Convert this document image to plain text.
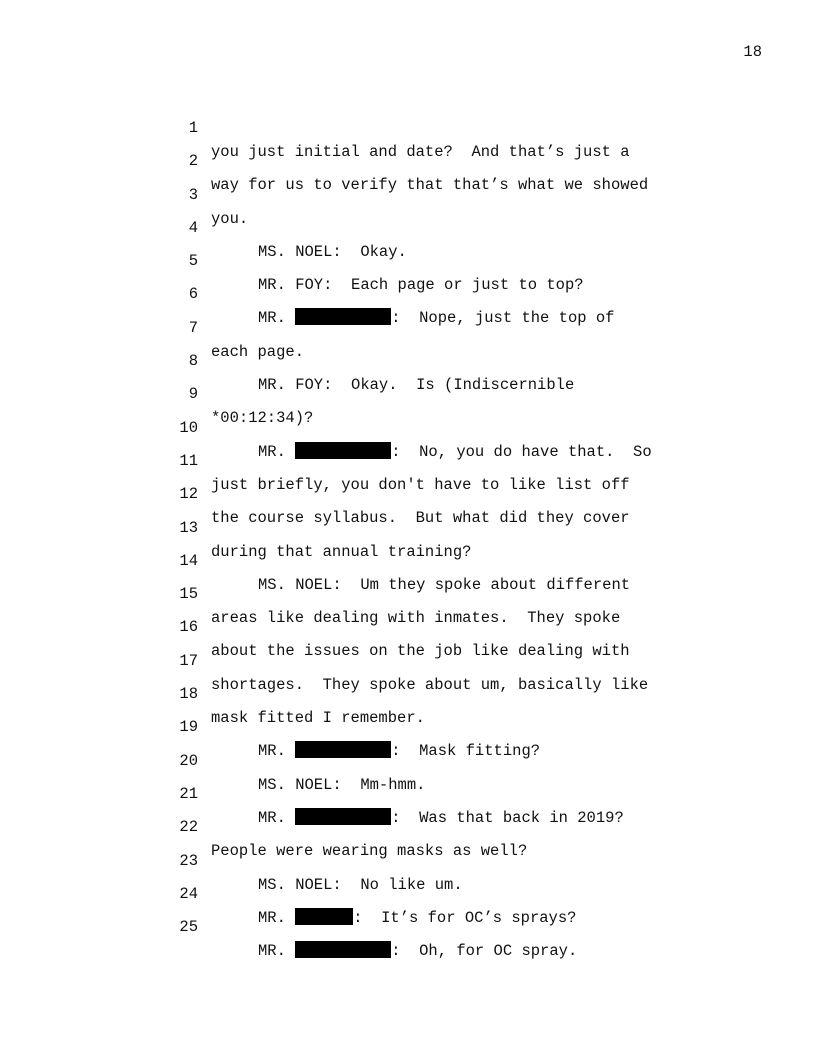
18

1

you just initial and date?  And that’s just a

2

way for us to verify that that’s what we showed

3

you.

4

MS. NOEL:  Okay.

5

MR. FOY:  Each page or just to top?

6

MR.	:  Nope, just the top of

7

each page.

8

MR. FOY:  Okay.  Is (Indiscernible

9

*00:12:34)?

10

MR.	:  No, you do have that.  So

11

just briefly, you don't have to like list off

12

the course syllabus.  But what did they cover

13

during that annual training?

14

MS. NOEL:  Um they spoke about different

15

areas like dealing with inmates.  They spoke

16

about the issues on the job like dealing with

17

shortages.  They spoke about um, basically like

18

mask fitted I remember.

19

MR.	:  Mask fitting?

20

MS. NOEL:  Mm-hmm.

21

MR.	:  Was that back in 2019?

22

People were wearing masks as well?

23

MS. NOEL:  No like um.

24

MR.	:  It’s for OC’s sprays?

25

MR.	:  Oh, for OC spray.
